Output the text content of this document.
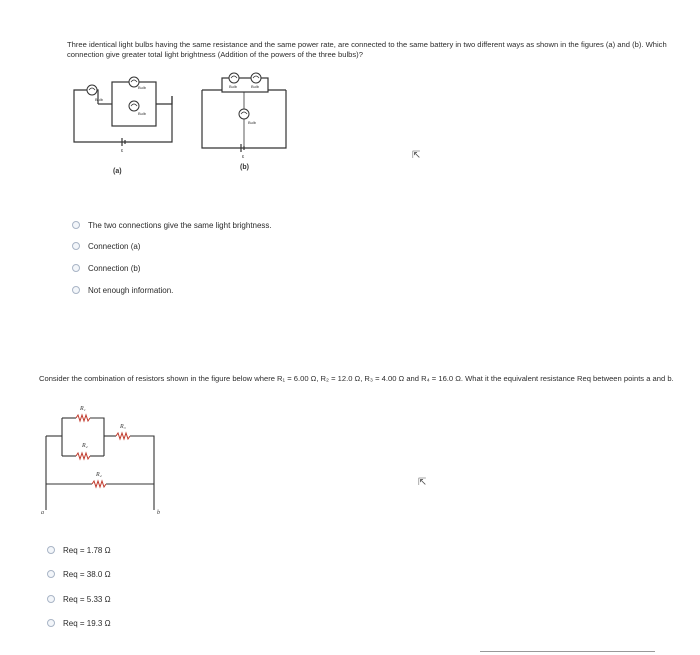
Three identical light bulbs having the same resistance and the same power rate, are connected to the same battery in two different ways as shown in the figures (a) and (b). Which connection give greater total light brightness (Addition of the powers of the three bulbs)?
Bulb
Bulb
Bulb
ε
(a)
Bulb	Bulb
Bulb
ε
(b)
⇱
The two connections give the same light brightness.
Connection (a)
Connection (b)
Not enough information.
Consider the combination of resistors shown in the figure below where R₁ = 6.00 Ω, R₂ = 12.0 Ω, R₃ = 4.00 Ω and R₄ = 16.0 Ω. What it the equivalent resistance Req between points a and b.
R₁
R₂
R₃
R₄
a	b
⇱
Req = 1.78 Ω
Req = 38.0 Ω
Req = 5.33 Ω
Req = 19.3 Ω
